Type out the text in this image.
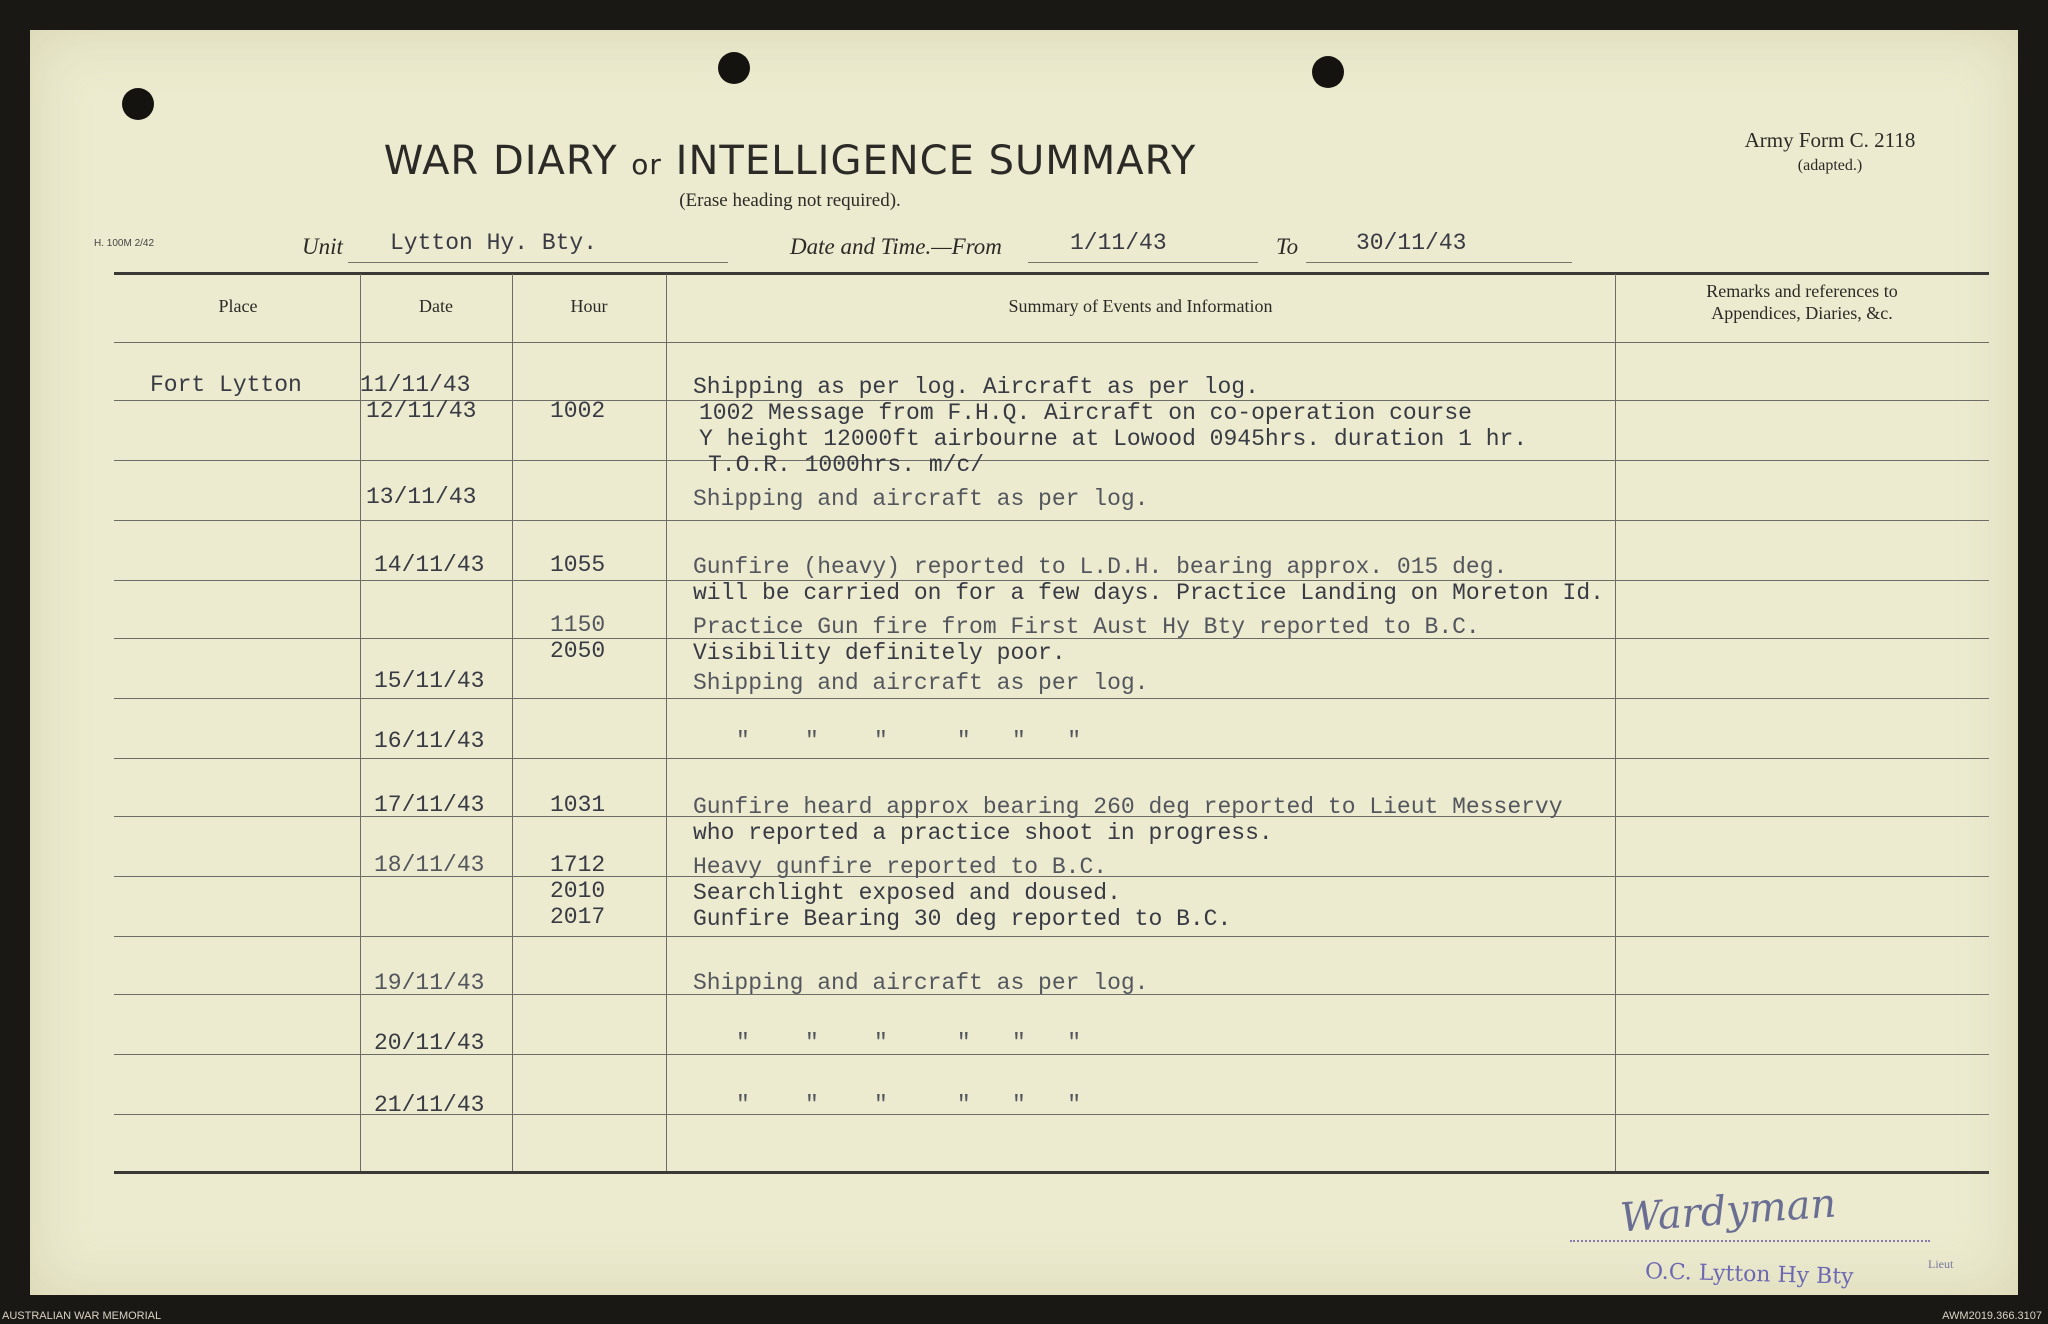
WAR DIARY or INTELLIGENCE SUMMARY
(Erase heading not required).
Army Form C. 2118
(adapted.)
H. 100M 2/42	Unit Lytton Hy. Bty.	Date and Time.—From	1/11/43	To	30/11/43
Place	Date	Hour	Summary of Events and Information
Remarks and references to
Appendices, Diaries, &c.
Fort Lytton	11/11/43	Shipping as per log. Aircraft as per log.
12/11/43	1002	1002 Message from F.H.Q. Aircraft on co-operation course
Y height 12000ft airbourne at Lowood 0945hrs. duration 1 hr.
T.O.R. 1000hrs. m/c/
13/11/43	Shipping and aircraft as per log.
14/11/43	1055	Gunfire (heavy) reported to L.D.H. bearing approx. 015 deg.
will be carried on for a few days. Practice Landing on Moreton Id.
1150	Practice Gun fire from First Aust Hy Bty reported to B.C.
2050	Visibility definitely poor.
15/11/43	Shipping and aircraft as per log.
16/11/43	"    "    "     "   "   "
17/11/43	1031	Gunfire heard approx bearing 260 deg reported to Lieut Messervy
who reported a practice shoot in progress.
18/11/43	1712	Heavy gunfire reported to B.C.
2010	Searchlight exposed and doused.
2017	Gunfire Bearing 30 deg reported to B.C.
19/11/43	Shipping and aircraft as per log.
20/11/43	"    "    "     "   "   "
21/11/43	"    "    "     "   "   "
Wardyman
Lieut
O.C. Lytton Hy Bty
AUSTRALIAN WAR MEMORIAL	AWM2019.366.3107
